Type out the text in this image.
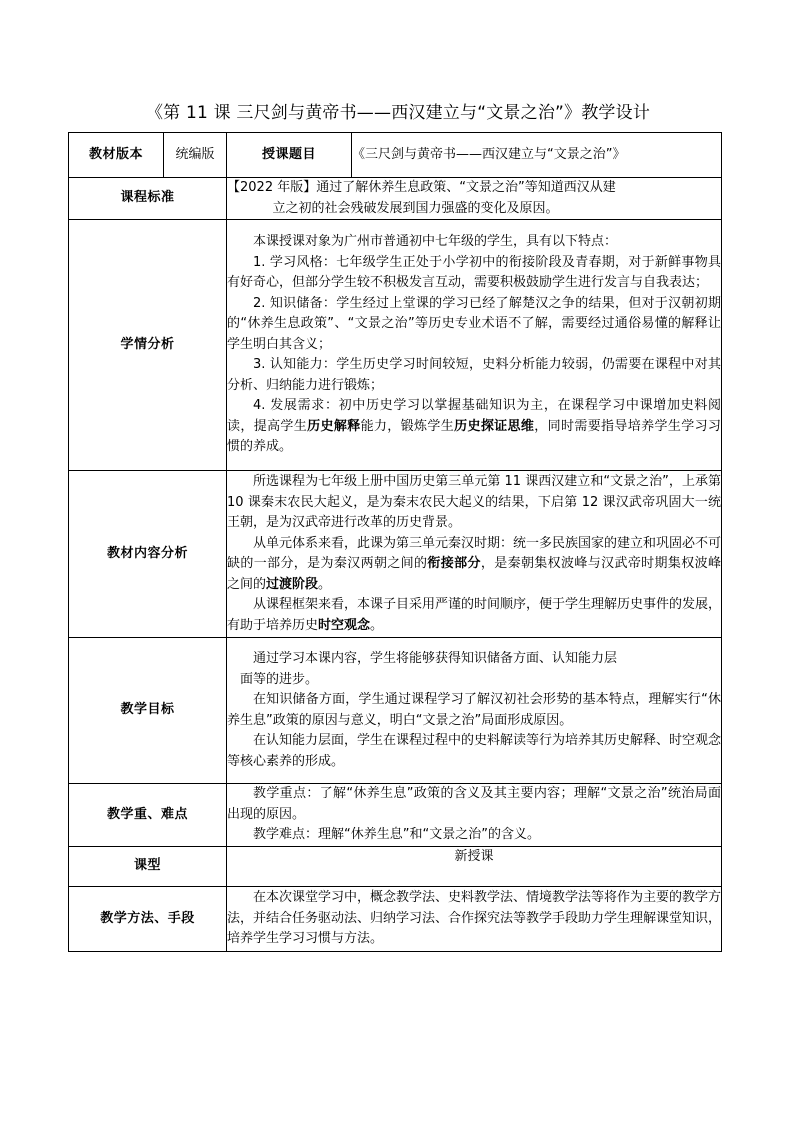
《第 11 课 三尺剑与黄帝书——西汉建立与“文景之治”》教学设计
教材版本	统编版	授课题目	《三尺剑与黄帝书——西汉建立与“文景之治”》
课程标准		【2022 年版】通过了解休养生息政策、“文景之治”等知道西汉从建

立之初的社会残破发展到国力强盛的变化及原因。	

学情分析		本课授课对象为广州市普通初中七年级的学生，具有以下特点：

1. 学习风格：七年级学生正处于小学初中的衔接阶段及青春期，对于新鲜事物具有好奇心，但部分学生较不积极发言互动，需要积极鼓励学生进行发言与自我表达；

2. 知识储备：学生经过上堂课的学习已经了解楚汉之争的结果，但对于汉朝初期的“休养生息政策”、“文景之治”等历史专业术语不了解，需要经过通俗易懂的解释让学生明白其含义；

3. 认知能力：学生历史学习时间较短，史料分析能力较弱，仍需要在课程中对其分析、归纳能力进行锻炼；

4. 发展需求：初中历史学习以掌握基础知识为主，在课程学习中课增加史料阅读，提高学生历史解释能力，锻炼学生历史探证思维，同时需要指导培养学生学习习惯的养成。	

教材内容分析		所选课程为七年级上册中国历史第三单元第 11 课西汉建立和“文景之治”，上承第 10 课秦末农民大起义，是为秦末农民大起义的结果，下启第 12 课汉武帝巩固大一统王朝，是为汉武帝进行改革的历史背景。

从单元体系来看，此课为第三单元秦汉时期：统一多民族国家的建立和巩固必不可缺的一部分，是为秦汉两朝之间的衔接部分，是秦朝集权波峰与汉武帝时期集权波峰之间的过渡阶段。

从课程框架来看，本课子目采用严谨的时间顺序，便于学生理解历史事件的发展，有助于培养历史时空观念。	

教学目标		通过学习本课内容，学生将能够获得知识储备方面、认知能力层

面等的进步。

在知识储备方面，学生通过课程学习了解汉初社会形势的基本特点，理解实行“休养生息”政策的原因与意义，明白“文景之治”局面形成原因。

在认知能力层面，学生在课程过程中的史料解读等行为培养其历史解释、时空观念等核心素养的形成。	

教学重、难点		教学重点：了解“休养生息”政策的含义及其主要内容；理解“文景之治”统治局面出现的原因。

教学难点：理解“休养生息”和“文景之治”的含义。	

课型		新授课	

教学方法、手段		在本次课堂学习中，概念教学法、史料教学法、情境教学法等将作为主要的教学方法，并结合任务驱动法、归纳学习法、合作探究法等教学手段助力学生理解课堂知识，培养学生学习习惯与方法。	
